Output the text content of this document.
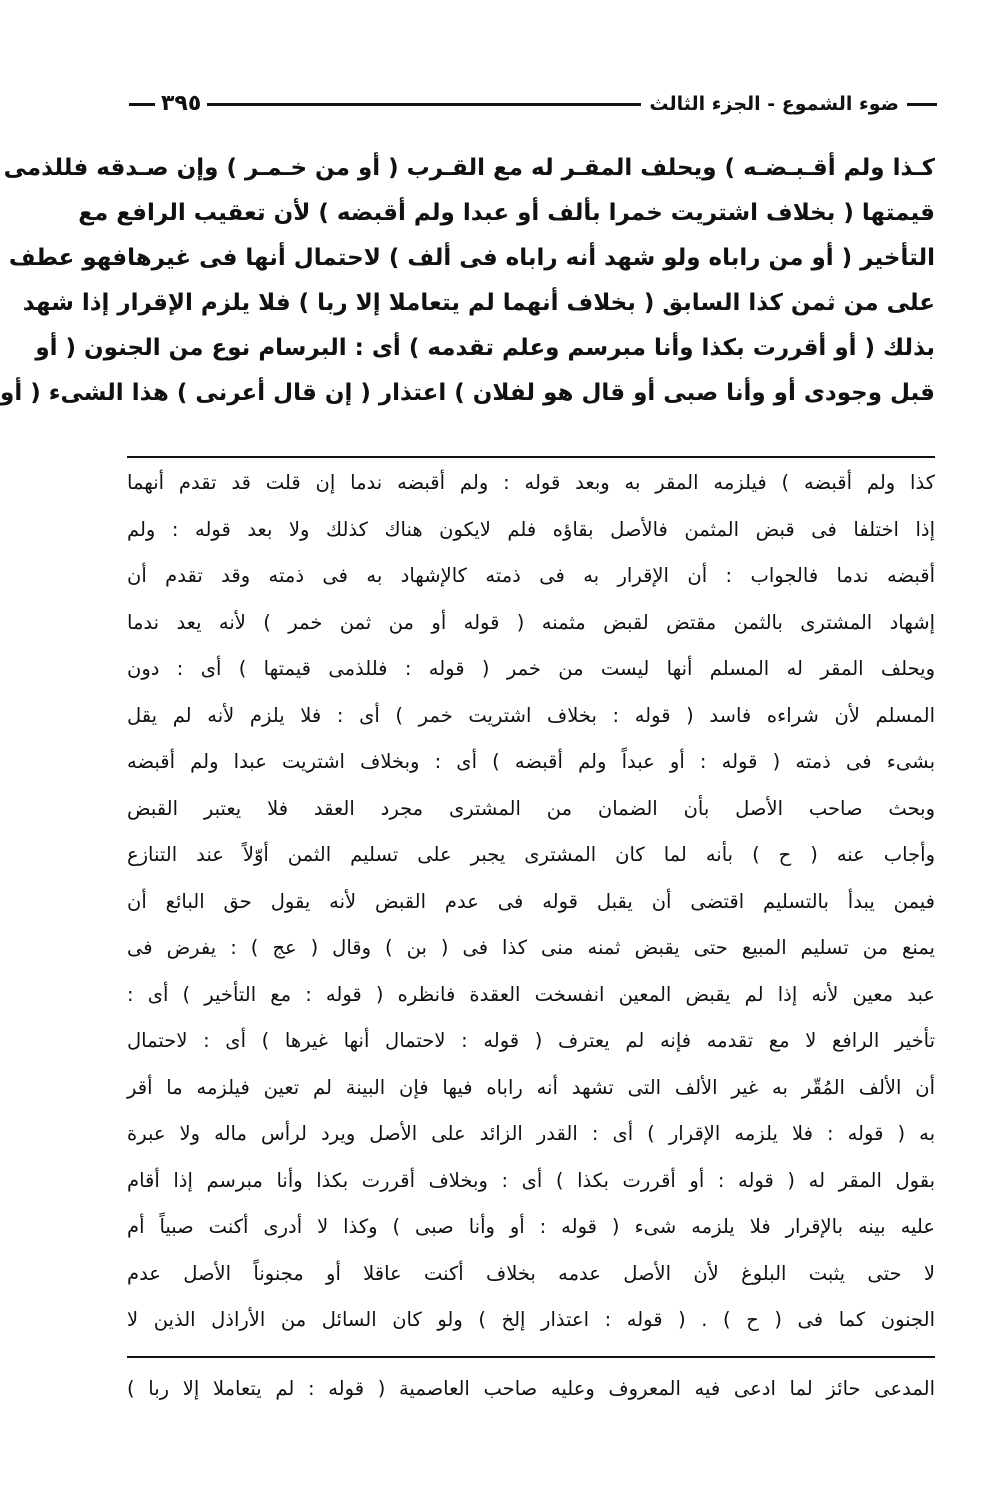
ضوء الشموع - الجزء الثالث
٣٩٥
كـذا ولم أقـبـضـه ) ويحلف المقـر له مع القـرب ( أو من خـمـر ) وإن صـدقه فللذمى
قيمتها ( بخلاف اشتريت خمرا بألف أو عبدا ولم أقبضه ) لأن تعقيب الرافع مع
التأخير ( أو من راباه ولو شهد أنه راباه فى ألف ) لاحتمال أنها فى غيرهافهو عطف
على من ثمن كذا السابق ( بخلاف أنهما لم يتعاملا إلا ربا ) فلا يلزم الإقرار إذا شهد
بذلك ( أو أقررت بكذا وأنا مبرسم وعلم تقدمه ) أى : البرسام نوع من الجنون ( أو
قبل وجودى أو وأنا صبى أو قال هو لفلان ) اعتذار ( إن قال أعرنى ) هذا الشىء ( أو
كذا ولم أقبضه ) فيلزمه المقر به وبعد قوله : ولم أقبضه ندما إن قلت قد تقدم أنهما
إذا اختلفا فى قبض المثمن فالأصل بقاؤه فلم لايكون هناك كذلك ولا بعد قوله : ولم
أقبضه ندما فالجواب : أن الإقرار به فى ذمته كالإشهاد به فى ذمته وقد تقدم أن
إشهاد المشترى بالثمن مقتض لقبض مثمنه ( قوله أو من ثمن خمر ) لأنه يعد ندما
ويحلف المقر له المسلم أنها ليست من خمر ( قوله : فللذمى قيمتها ) أى : دون
المسلم لأن شراءه فاسد ( قوله : بخلاف اشتريت خمر ) أى : فلا يلزم لأنه لم يقل
بشىء فى ذمته ( قوله : أو عبداً ولم أقبضه ) أى : وبخلاف اشتريت عبدا ولم أقبضه
وبحث صاحب الأصل بأن الضمان من المشترى مجرد العقد فلا يعتبر القبض
وأجاب عنه ( ح ) بأنه لما كان المشترى يجبر على تسليم الثمن أوّلاً عند التنازع
فيمن يبدأ بالتسليم اقتضى أن يقبل قوله فى عدم القبض لأنه يقول حق البائع أن
يمنع من تسليم المبيع حتى يقبض ثمنه منى كذا فى ( بن ) وقال ( عج ) : يفرض فى
عبد معين لأنه إذا لم يقبض المعين انفسخت العقدة فانظره ( قوله : مع التأخير ) أى :
تأخير الرافع لا مع تقدمه فإنه لم يعترف ( قوله : لاحتمال أنها غيرها ) أى : لاحتمال
أن الألف المُقّر به غير الألف التى تشهد أنه راباه فيها فإن البينة لم تعين فيلزمه ما أقر
به ( قوله : فلا يلزمه الإقرار ) أى : القدر الزائد على الأصل ويرد لرأس ماله ولا عبرة
بقول المقر له ( قوله : أو أقررت بكذا ) أى : وبخلاف أقررت بكذا وأنا مبرسم إذا أقام
عليه بينه بالإقرار فلا يلزمه شىء ( قوله : أو وأنا صبى ) وكذا لا أدرى أكنت صبياً أم
لا حتى يثبت البلوغ لأن الأصل عدمه بخلاف أكنت عاقلا أو مجنوناً الأصل عدم
الجنون كما فى ( ح ) . ( قوله : اعتذار إلخ ) ولو كان السائل من الأراذل الذين لا
المدعى حائز لما ادعى فيه المعروف وعليه صاحب العاصمية ( قوله : لم يتعاملا إلا ربا )
